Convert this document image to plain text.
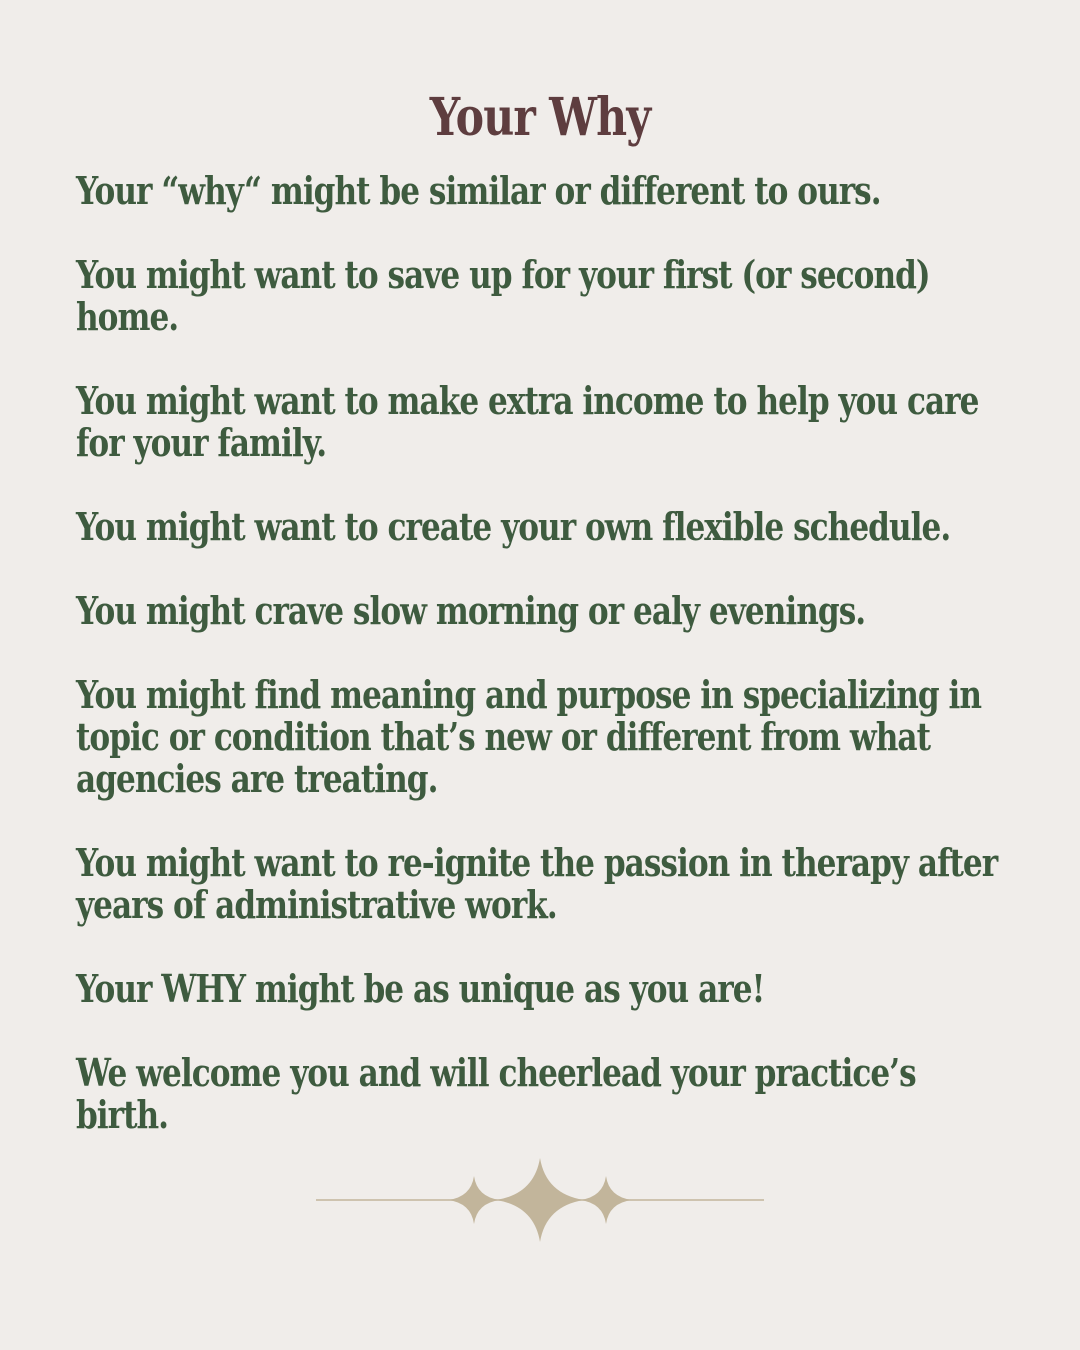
Your Why

Your “why“ might be similar or different to ours.

You might want to save up for your first (or second) home.

You might want to make extra income to help you care for your family.

You might want to create your own flexible schedule.

You might crave slow morning or ealy evenings.

You might find meaning and purpose in specializing in topic or condition that’s new or different from what agencies are treating.

You might want to re-ignite the passion in therapy after years of administrative work.

Your WHY might be as unique as you are!

We welcome you and will cheerlead your practice’s birth.
